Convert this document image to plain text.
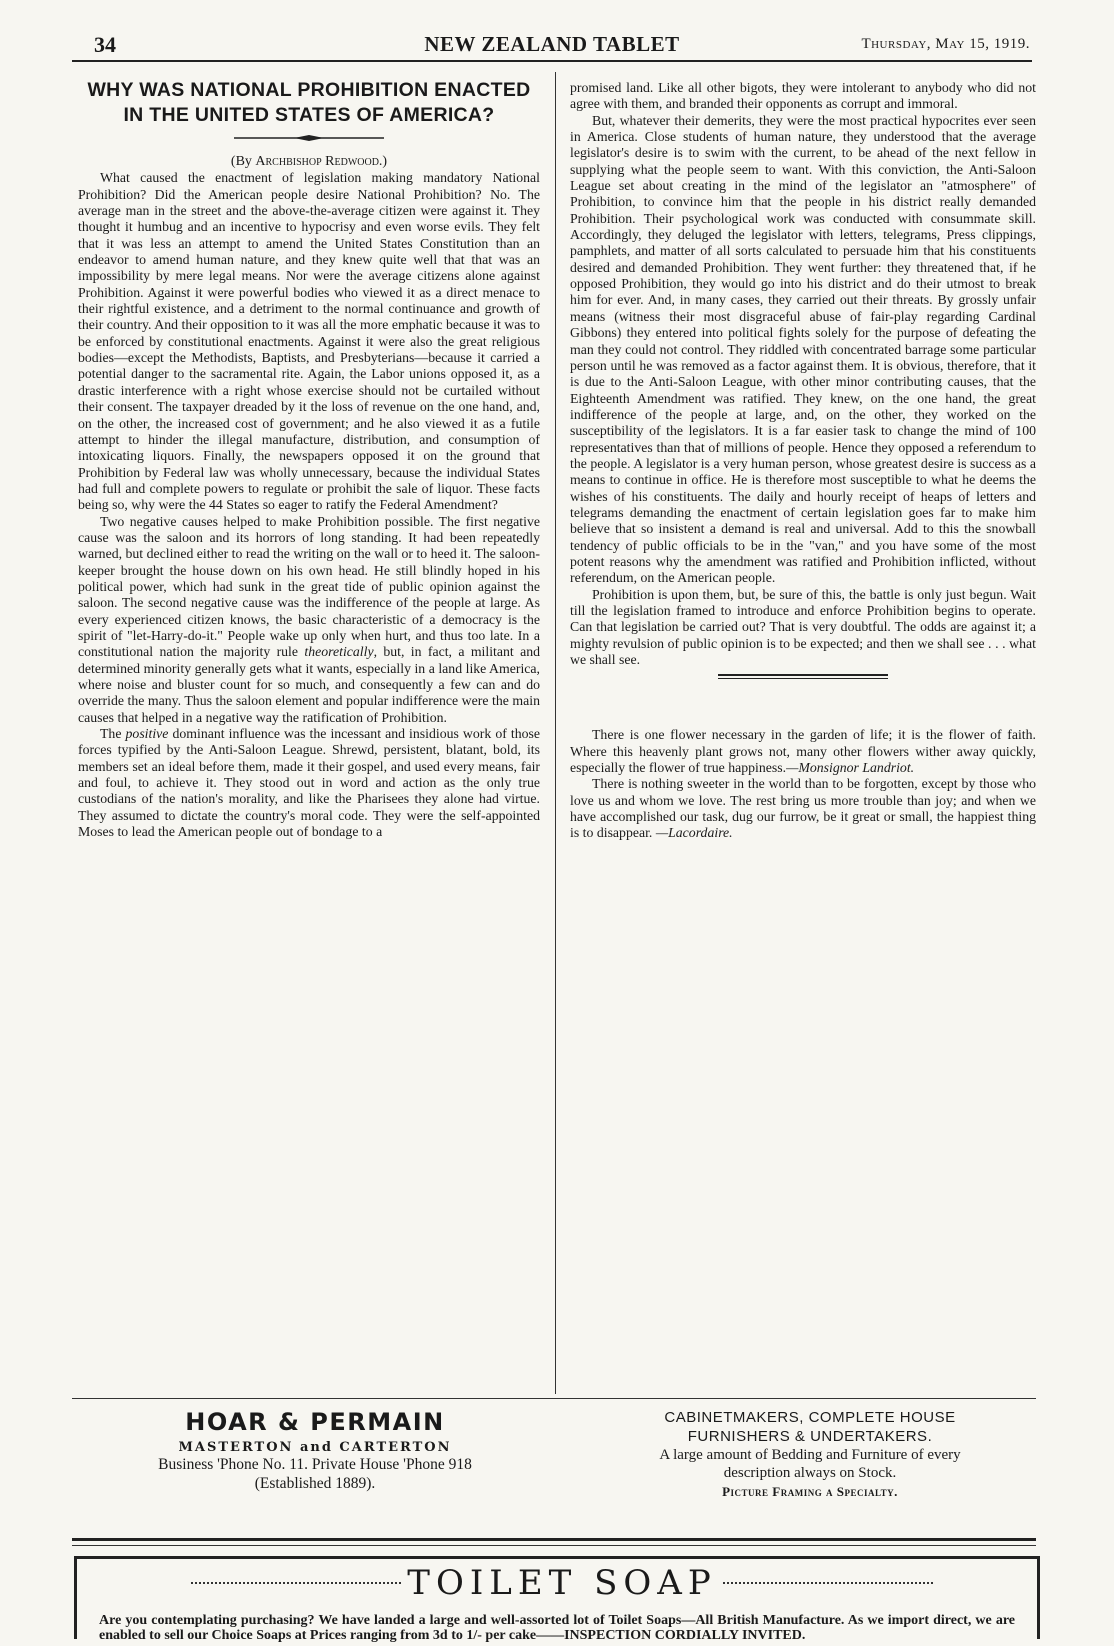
34	NEW ZEALAND TABLET	Thursday, May 15, 1919.
WHY WAS NATIONAL PROHIBITION ENACTED
IN THE UNITED STATES OF AMERICA?
(By Archbishop Redwood.)

What caused the enactment of legislation making mandatory National Prohibition? Did the American people desire National Prohibition? No. The average man in the street and the above-the-average citizen were against it. They thought it humbug and an incentive to hypocrisy and even worse evils. They felt that it was less an attempt to amend the United States Constitution than an endeavor to amend human nature, and they knew quite well that that was an impossibility by mere legal means. Nor were the average citizens alone against Prohibition. Against it were powerful bodies who viewed it as a direct menace to their rightful existence, and a detriment to the normal continuance and growth of their country. And their opposition to it was all the more emphatic because it was to be enforced by constitutional enactments. Against it were also the great religious bodies—except the Methodists, Baptists, and Presbyterians—because it carried a potential danger to the sacramental rite. Again, the Labor unions opposed it, as a drastic interference with a right whose exercise should not be curtailed without their consent. The taxpayer dreaded by it the loss of revenue on the one hand, and, on the other, the increased cost of government; and he also viewed it as a futile attempt to hinder the illegal manufacture, distribution, and consumption of intoxicating liquors. Finally, the newspapers opposed it on the ground that Prohibition by Federal law was wholly unnecessary, because the individual States had full and complete powers to regulate or prohibit the sale of liquor. These facts being so, why were the 44 States so eager to ratify the Federal Amendment?

Two negative causes helped to make Prohibition possible. The first negative cause was the saloon and its horrors of long standing. It had been repeatedly warned, but declined either to read the writing on the wall or to heed it. The saloon-keeper brought the house down on his own head. He still blindly hoped in his political power, which had sunk in the great tide of public opinion against the saloon. The second negative cause was the indifference of the people at large. As every experienced citizen knows, the basic characteristic of a democracy is the spirit of "let-Harry-do-it." People wake up only when hurt, and thus too late. In a constitutional nation the majority rule theoretically, but, in fact, a militant and determined minority generally gets what it wants, especially in a land like America, where noise and bluster count for so much, and consequently a few can and do override the many. Thus the saloon element and popular indifference were the main causes that helped in a negative way the ratification of Prohibition.

The positive dominant influence was the incessant and insidious work of those forces typified by the Anti-Saloon League. Shrewd, persistent, blatant, bold, its members set an ideal before them, made it their gospel, and used every means, fair and foul, to achieve it. They stood out in word and action as the only true custodians of the nation's morality, and like the Pharisees they alone had virtue. They assumed to dictate the country's moral code. They were the self-appointed Moses to lead the American people out of bondage to a

promised land. Like all other bigots, they were intolerant to anybody who did not agree with them, and branded their opponents as corrupt and immoral.

But, whatever their demerits, they were the most practical hypocrites ever seen in America. Close students of human nature, they understood that the average legislator's desire is to swim with the current, to be ahead of the next fellow in supplying what the people seem to want. With this conviction, the Anti-Saloon League set about creating in the mind of the legislator an "atmosphere" of Prohibition, to convince him that the people in his district really demanded Prohibition. Their psychological work was conducted with consummate skill. Accordingly, they deluged the legislator with letters, telegrams, Press clippings, pamphlets, and matter of all sorts calculated to persuade him that his constituents desired and demanded Prohibition. They went further: they threatened that, if he opposed Prohibition, they would go into his district and do their utmost to break him for ever. And, in many cases, they carried out their threats. By grossly unfair means (witness their most disgraceful abuse of fair-play regarding Cardinal Gibbons) they entered into political fights solely for the purpose of defeating the man they could not control. They riddled with concentrated barrage some particular person until he was removed as a factor against them. It is obvious, therefore, that it is due to the Anti-Saloon League, with other minor contributing causes, that the Eighteenth Amendment was ratified. They knew, on the one hand, the great indifference of the people at large, and, on the other, they worked on the susceptibility of the legislators. It is a far easier task to change the mind of 100 representatives than that of millions of people. Hence they opposed a referendum to the people. A legislator is a very human person, whose greatest desire is success as a means to continue in office. He is therefore most susceptible to what he deems the wishes of his constituents. The daily and hourly receipt of heaps of letters and telegrams demanding the enactment of certain legislation goes far to make him believe that so insistent a demand is real and universal. Add to this the snowball tendency of public officials to be in the "van," and you have some of the most potent reasons why the amendment was ratified and Prohibition inflicted, without referendum, on the American people.

Prohibition is upon them, but, be sure of this, the battle is only just begun. Wait till the legislation framed to introduce and enforce Prohibition begins to operate. Can that legislation be carried out? That is very doubtful. The odds are against it; a mighty revulsion of public opinion is to be expected; and then we shall see . . . what we shall see.

There is one flower necessary in the garden of life; it is the flower of faith. Where this heavenly plant grows not, many other flowers wither away quickly, especially the flower of true happiness.—Monsignor Landriot.

There is nothing sweeter in the world than to be forgotten, except by those who love us and whom we love. The rest bring us more trouble than joy; and when we have accomplished our task, dug our furrow, be it great or small, the happiest thing is to disappear. —Lacordaire.

HOAR & PERMAIN
MASTERTON and CARTERTON
Business 'Phone No. 11. Private House 'Phone 918
(Established 1889).
CABINETMAKERS, COMPLETE HOUSE
FURNISHERS & UNDERTAKERS.
A large amount of Bedding and Furniture of every
description always on Stock.
Picture Framing a Specialty.
TOILET SOAP
Are you contemplating purchasing? We have landed a large and well-assorted lot of Toilet Soaps—All British Manufacture. As we import direct, we are enabled to sell our Choice Soaps at Prices ranging from 3d to 1/- per cake——INSPECTION CORDIALLY INVITED.
